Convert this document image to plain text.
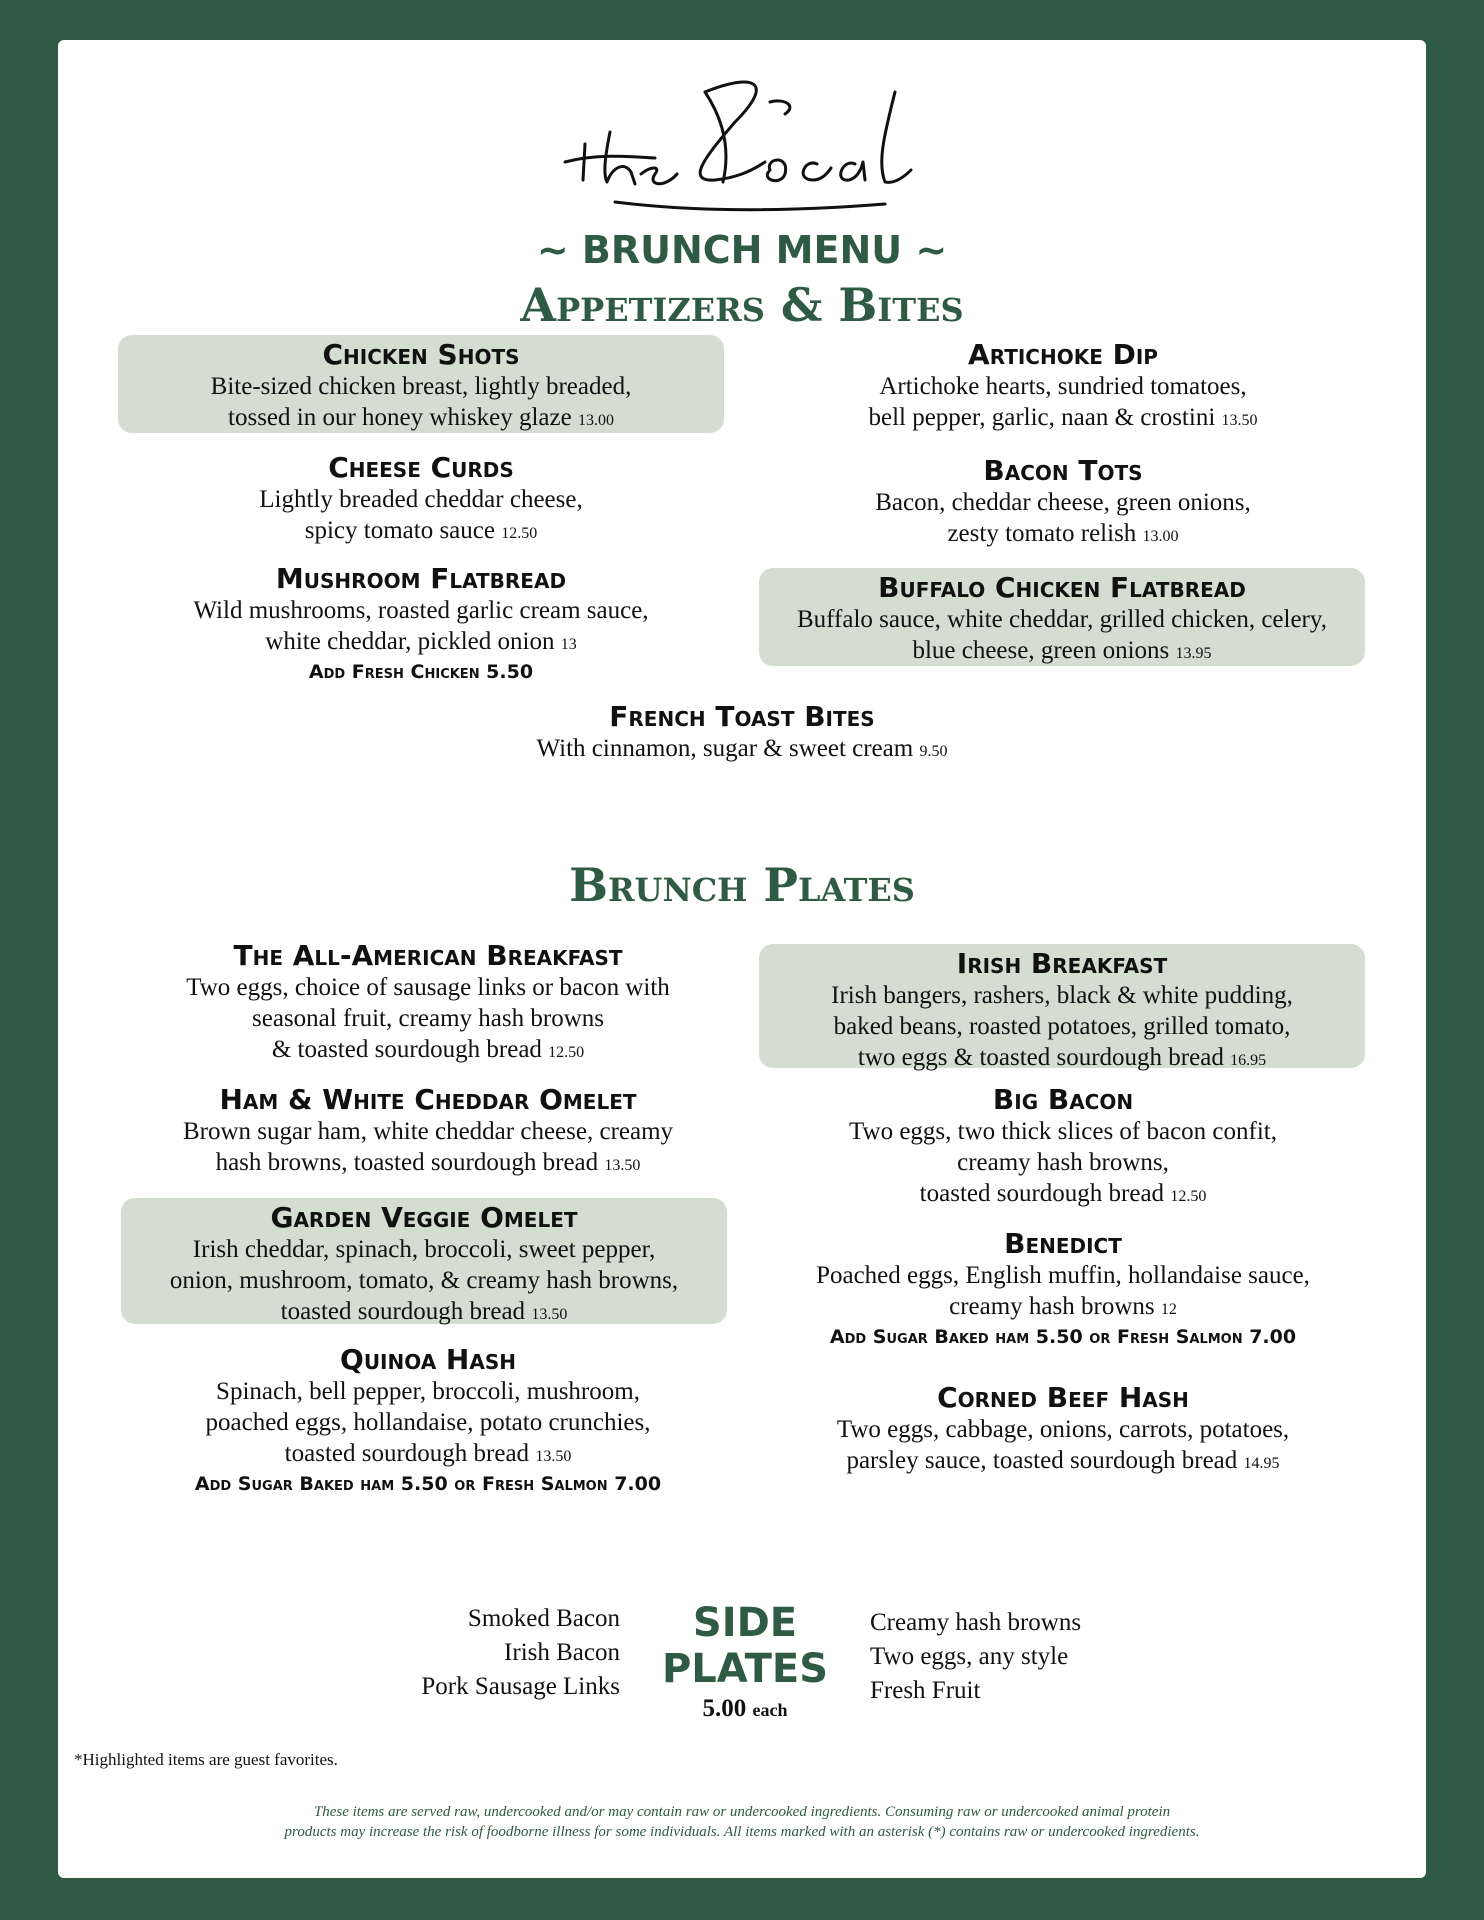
~ BRUNCH MENU ~
Appetizers & Bites
Chicken Shots
Bite-sized chicken breast, lightly breaded,
tossed in our honey whiskey glaze 13.00
Artichoke Dip
Artichoke hearts, sundried tomatoes,
bell pepper, garlic, naan & crostini 13.50
Cheese Curds
Lightly breaded cheddar cheese,
spicy tomato sauce 12.50
Bacon Tots
Bacon, cheddar cheese, green onions,
zesty tomato relish 13.00
Mushroom Flatbread
Wild mushrooms, roasted garlic cream sauce,
white cheddar, pickled onion 13
Add Fresh Chicken 5.50
Buffalo Chicken Flatbread
Buffalo sauce, white cheddar, grilled chicken, celery,
blue cheese, green onions 13.95
French Toast Bites
With cinnamon, sugar & sweet cream 9.50
Brunch Plates
The All-American Breakfast
Two eggs, choice of sausage links or bacon with
seasonal fruit, creamy hash browns
& toasted sourdough bread 12.50
Irish Breakfast
Irish bangers, rashers, black & white pudding,
baked beans, roasted potatoes, grilled tomato,
two eggs & toasted sourdough bread 16.95
Ham & White Cheddar Omelet
Brown sugar ham, white cheddar cheese, creamy
hash browns, toasted sourdough bread 13.50
Big Bacon
Two eggs, two thick slices of bacon confit,
creamy hash browns,
toasted sourdough bread 12.50
Garden Veggie Omelet
Irish cheddar, spinach, broccoli, sweet pepper,
onion, mushroom, tomato, & creamy hash browns,
toasted sourdough bread 13.50
Benedict
Poached eggs, English muffin, hollandaise sauce,
creamy hash browns 12
Add Sugar Baked ham 5.50 or Fresh Salmon 7.00
Quinoa Hash
Spinach, bell pepper, broccoli, mushroom,
poached eggs, hollandaise, potato crunchies,
toasted sourdough bread 13.50
Add Sugar Baked ham 5.50 or Fresh Salmon 7.00
Corned Beef Hash
Two eggs, cabbage, onions, carrots, potatoes,
parsley sauce, toasted sourdough bread 14.95
Smoked Bacon
Irish Bacon
Pork Sausage Links
SIDE
PLATES
5.00 each
Creamy hash browns
Two eggs, any style
Fresh Fruit
*Highlighted items are guest favorites.
These items are served raw, undercooked and/or may contain raw or undercooked ingredients. Consuming raw or undercooked animal protein
products may increase the risk of foodborne illness for some individuals. All items marked with an asterisk (*) contains raw or undercooked ingredients.
